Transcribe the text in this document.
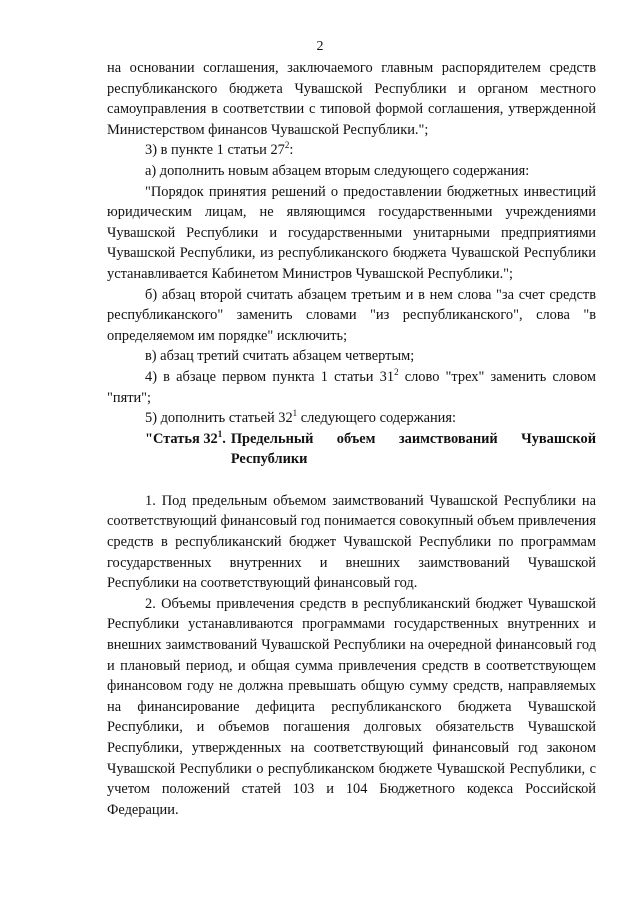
2

на основании соглашения, заключаемого главным распорядителем средств республиканского бюджета Чувашской Республики и органом местного самоуправления в соответствии с типовой формой соглашения, утвержденной Министерством финансов Чувашской Республики.";

3) в пункте 1 статьи $27^2$:

а) дополнить новым абзацем вторым следующего содержания:

"Порядок принятия решений о предоставлении бюджетных инвестиций юридическим лицам, не являющимся государственными учреждениями Чувашской Республики и государственными унитарными предприятиями Чувашской Республики, из республиканского бюджета Чувашской Республики устанавливается Кабинетом Министров Чувашской Республики.";

б) абзац второй считать абзацем третьим и в нем слова "за счет средств республиканского" заменить словами "из республиканского", слова "в определяемом им порядке" исключить;

в) абзац третий считать абзацем четвертым;

4) в абзаце первом пункта 1 статьи $31^2$ слово "трех" заменить словом "пяти";

5) дополнить статьей $32^1$ следующего содержания:

"Статья $32^1$. Предельный объем заимствований Чувашской Республики

1. Под предельным объемом заимствований Чувашской Республики на соответствующий финансовый год понимается совокупный объем привлечения средств в республиканский бюджет Чувашской Республики по программам государственных внутренних и внешних заимствований Чувашской Республики на соответствующий финансовый год.

2. Объемы привлечения средств в республиканский бюджет Чувашской Республики устанавливаются программами государственных внутренних и внешних заимствований Чувашской Республики на очередной финансовый год и плановый период, и общая сумма привлечения средств в соответствующем финансовом году не должна превышать общую сумму средств, направляемых на финансирование дефицита республиканского бюджета Чувашской Республики, и объемов погашения долговых обязательств Чувашской Республики, утвержденных на соответствующий финансовый год законом Чувашской Республики о республиканском бюджете Чувашской Республики, с учетом положений статей 103 и 104 Бюджетного кодекса Российской Федерации.
